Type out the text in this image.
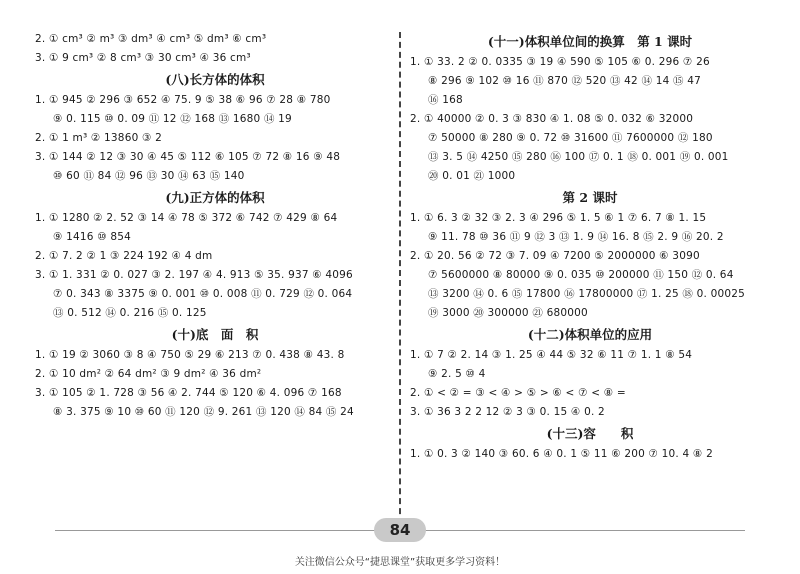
2. ① cm³ ② m³ ③ dm³ ④ cm³ ⑤ dm³ ⑥ cm³
3. ① 9 cm³ ② 8 cm³ ③ 30 cm³ ④ 36 cm³
(八)长方体的体积
1. ① 945 ② 296 ③ 652 ④ 75. 9 ⑤ 38 ⑥ 96 ⑦ 28 ⑧ 780
⑨ 0. 115 ⑩ 0. 09 ⑪ 12 ⑫ 168 ⑬ 1680 ⑭ 19
2. ① 1 m³ ② 13860 ③ 2
3. ① 144 ② 12 ③ 30 ④ 45 ⑤ 112 ⑥ 105 ⑦ 72 ⑧ 16 ⑨ 48
⑩ 60 ⑪ 84 ⑫ 96 ⑬ 30 ⑭ 63 ⑮ 140
(九)正方体的体积
1. ① 1280 ② 2. 52 ③ 14 ④ 78 ⑤ 372 ⑥ 742 ⑦ 429 ⑧ 64
⑨ 1416 ⑩ 854
2. ① 7. 2 ② 1 ③ 224 192 ④ 4 dm
3. ① 1. 331 ② 0. 027 ③ 2. 197 ④ 4. 913 ⑤ 35. 937 ⑥ 4096
⑦ 0. 343 ⑧ 3375 ⑨ 0. 001 ⑩ 0. 008 ⑪ 0. 729 ⑫ 0. 064
⑬ 0. 512 ⑭ 0. 216 ⑮ 0. 125
(十)底　面　积
1. ① 19 ② 3060 ③ 8 ④ 750 ⑤ 29 ⑥ 213 ⑦ 0. 438 ⑧ 43. 8
2. ① 10 dm² ② 64 dm² ③ 9 dm² ④ 36 dm²
3. ① 105 ② 1. 728 ③ 56 ④ 2. 744 ⑤ 120 ⑥ 4. 096 ⑦ 168
⑧ 3. 375 ⑨ 10 ⑩ 60 ⑪ 120 ⑫ 9. 261 ⑬ 120 ⑭ 84 ⑮ 24
(十一)体积单位间的换算　第 1 课时
1. ① 33. 2 ② 0. 0335 ③ 19 ④ 590 ⑤ 105 ⑥ 0. 296 ⑦ 26
⑧ 296 ⑨ 102 ⑩ 16 ⑪ 870 ⑫ 520 ⑬ 42 ⑭ 14 ⑮ 47
⑯ 168
2. ① 40000 ② 0. 3 ③ 830 ④ 1. 08 ⑤ 0. 032 ⑥ 32000
⑦ 50000 ⑧ 280 ⑨ 0. 72 ⑩ 31600 ⑪ 7600000 ⑫ 180
⑬ 3. 5 ⑭ 4250 ⑮ 280 ⑯ 100 ⑰ 0. 1 ⑱ 0. 001 ⑲ 0. 001
⑳ 0. 01 ㉑ 1000
第 2 课时
1. ① 6. 3 ② 32 ③ 2. 3 ④ 296 ⑤ 1. 5 ⑥ 1 ⑦ 6. 7 ⑧ 1. 15
⑨ 11. 78 ⑩ 36 ⑪ 9 ⑫ 3 ⑬ 1. 9 ⑭ 16. 8 ⑮ 2. 9 ⑯ 20. 2
2. ① 20. 56 ② 72 ③ 7. 09 ④ 7200 ⑤ 2000000 ⑥ 3090
⑦ 5600000 ⑧ 80000 ⑨ 0. 035 ⑩ 200000 ⑪ 150 ⑫ 0. 64
⑬ 3200 ⑭ 0. 6 ⑮ 17800 ⑯ 17800000 ⑰ 1. 25 ⑱ 0. 00025
⑲ 3000 ⑳ 300000 ㉑ 680000
(十二)体积单位的应用
1. ① 7 ② 2. 14 ③ 1. 25 ④ 44 ⑤ 32 ⑥ 11 ⑦ 1. 1 ⑧ 54
⑨ 2. 5 ⑩ 4
2. ① < ② = ③ < ④ > ⑤ > ⑥ < ⑦ < ⑧ =
3. ① 36 3 2 2 12 ② 3 ③ 0. 15 ④ 0. 2
(十三)容　　积
1. ① 0. 3 ② 140 ③ 60. 6 ④ 0. 1 ⑤ 11 ⑥ 200 ⑦ 10. 4 ⑧ 2
84
关注微信公众号“捷思课堂”获取更多学习资料！
